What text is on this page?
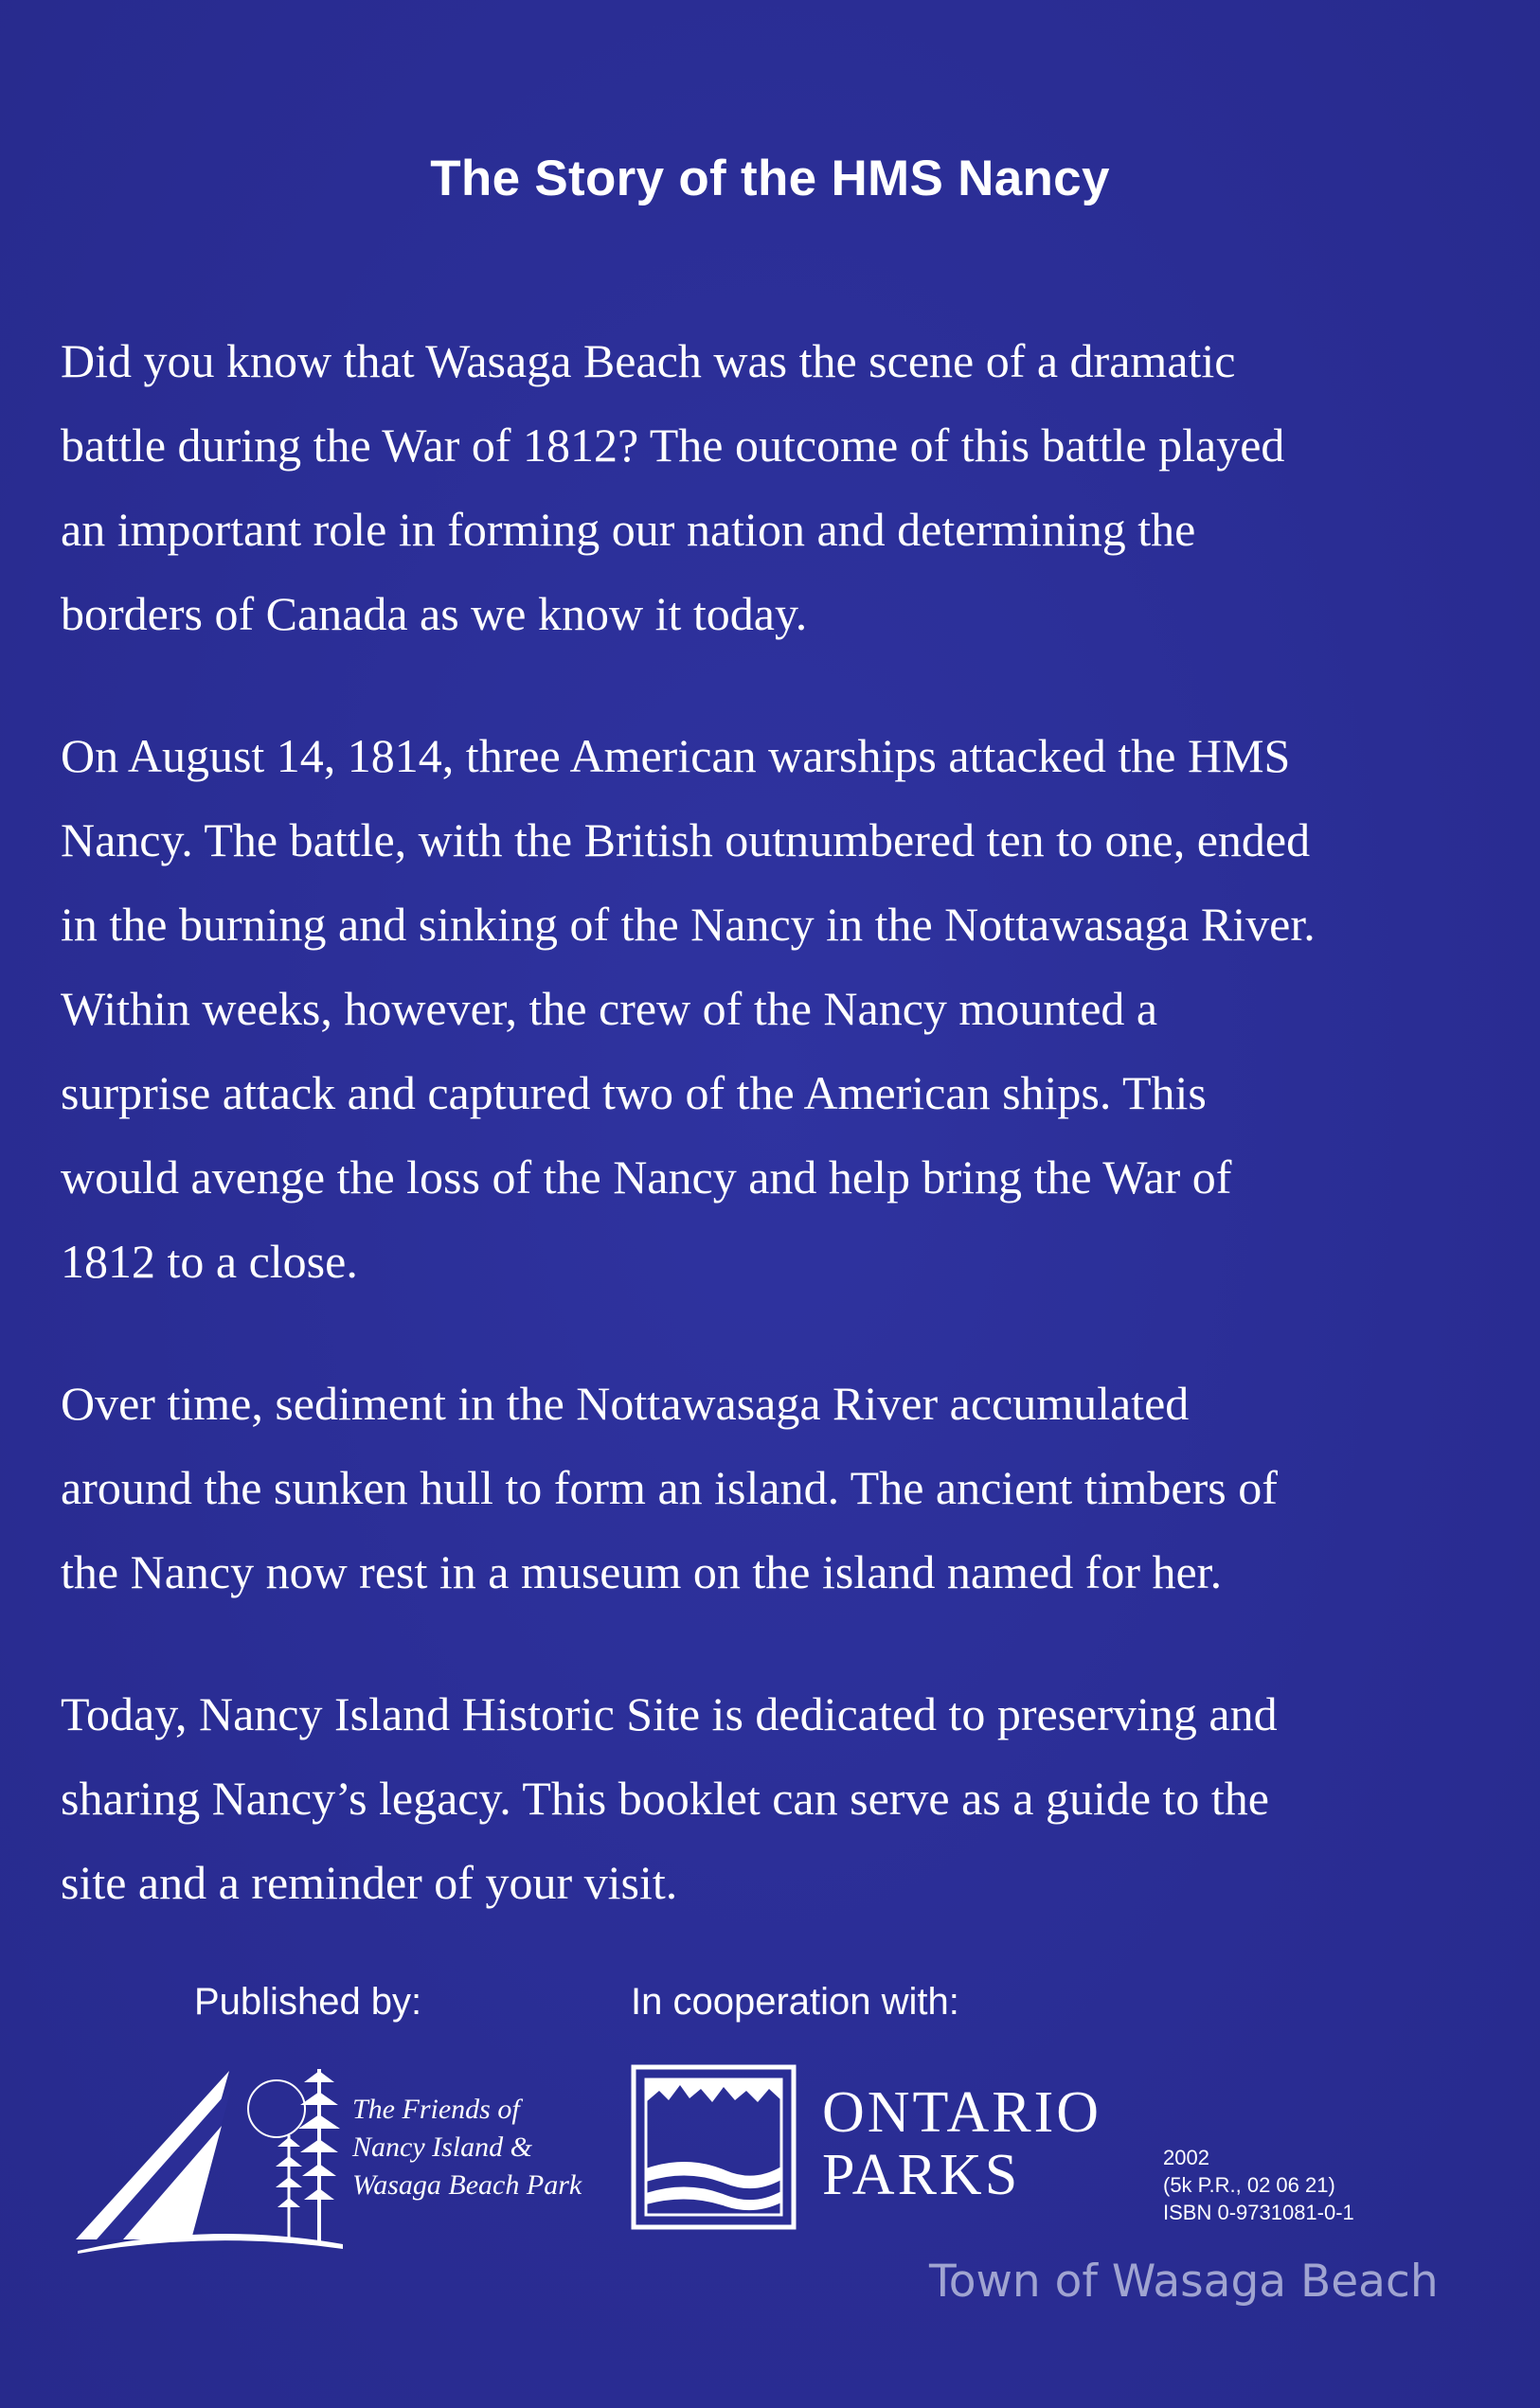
The Story of the HMS Nancy

Did you know that Wasaga Beach was the scene of a dramatic
battle during the War of 1812? The outcome of this battle played
an important role in forming our nation and determining the
borders of Canada as we know it today.

On August 14, 1814, three American warships attacked the HMS
Nancy. The battle, with the British outnumbered ten to one, ended
in the burning and sinking of the Nancy in the Nottawasaga River.
Within weeks, however, the crew of the Nancy mounted a
surprise attack and captured two of the American ships. This
would avenge the loss of the Nancy and help bring the War of
1812 to a close.

Over time, sediment in the Nottawasaga River accumulated
around the sunken hull to form an island. The ancient timbers of
the Nancy now rest in a museum on the island named for her.

Today, Nancy Island Historic Site is dedicated to preserving and
sharing Nancy’s legacy. This booklet can serve as a guide to the
site and a reminder of your visit.

Published by:	In cooperation with:
The Friends of
Nancy Island &
Wasaga Beach Park
ONTARIO
PARKS	2002
(5k P.R., 02 06 21)
ISBN 0-9731081-0-1
Town of Wasaga Beach
